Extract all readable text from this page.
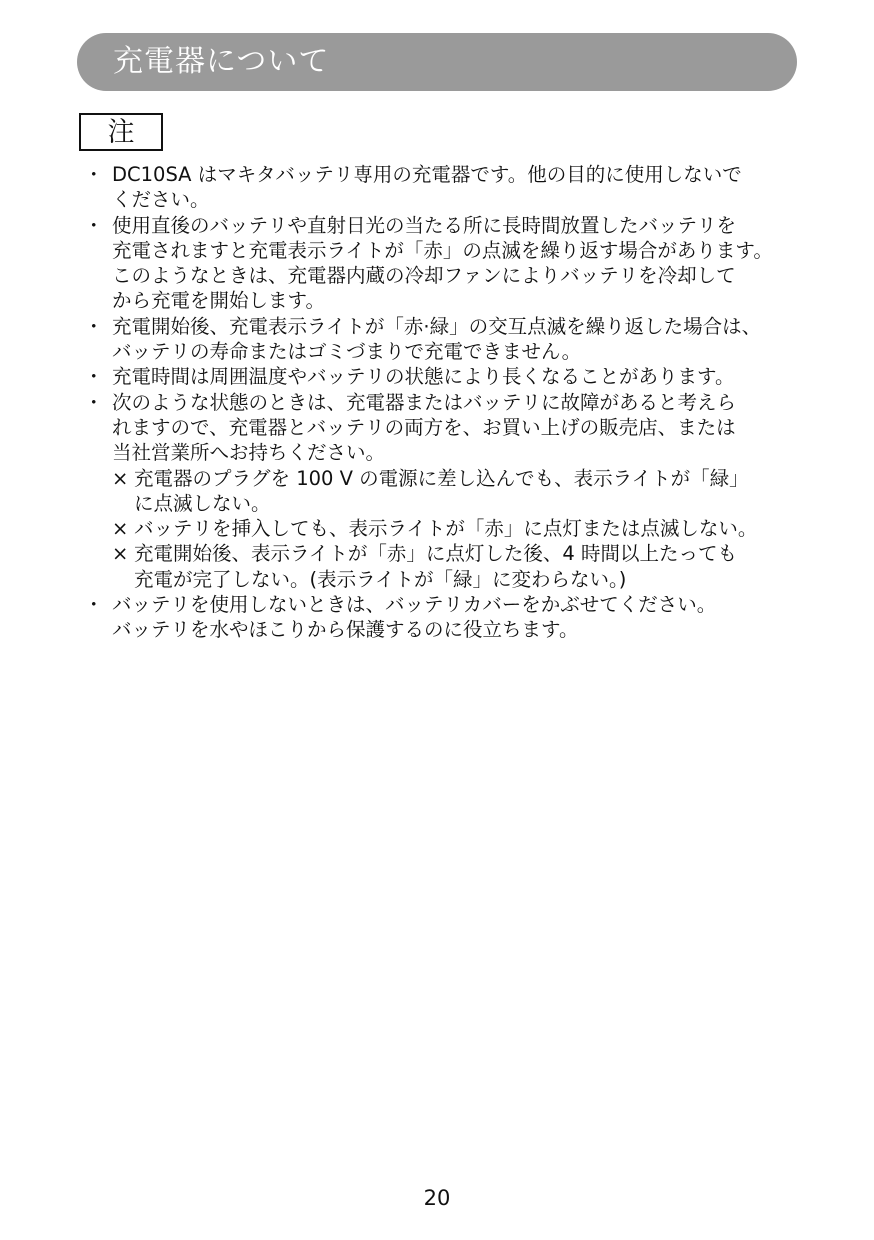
充電器について
注
・ DC10SA はマキタバッテリ専用の充電器です。他の目的に使用しないで
ください。
・ 使用直後のバッテリや直射日光の当たる所に長時間放置したバッテリを
充電されますと充電表示ライトが「赤」の点滅を繰り返す場合があります。
このようなときは、充電器内蔵の冷却ファンによりバッテリを冷却して
から充電を開始します。
・ 充電開始後、充電表示ライトが「赤·緑」の交互点滅を繰り返した場合は、
バッテリの寿命またはゴミづまりで充電できません。
・ 充電時間は周囲温度やバッテリの状態により長くなることがあります。
・ 次のような状態のときは、充電器またはバッテリに故障があると考えら
れますので、充電器とバッテリの両方を、お買い上げの販売店、または
当社営業所へお持ちください。
× 充電器のプラグを 100 V の電源に差し込んでも、表示ライトが「緑」
に点滅しない。
× バッテリを挿入しても、表示ライトが「赤」に点灯または点滅しない。
× 充電開始後、表示ライトが「赤」に点灯した後、4 時間以上たっても
充電が完了しない。(表示ライトが「緑」に変わらない。)
・ バッテリを使用しないときは、バッテリカバーをかぶせてください。
バッテリを水やほこりから保護するのに役立ちます。
20
